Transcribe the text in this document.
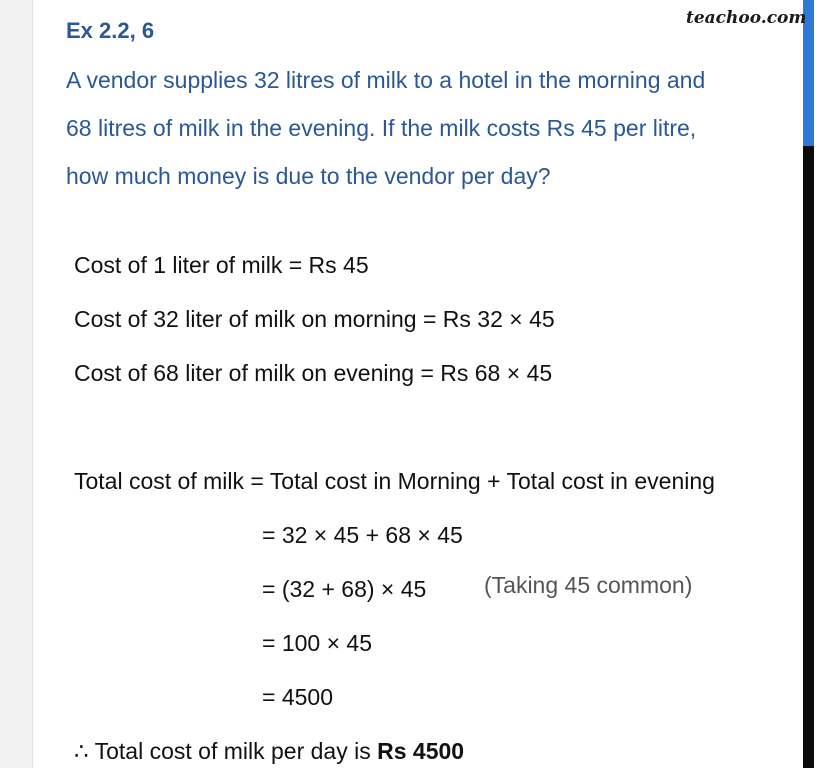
Ex 2.2, 6	teachoo.com
A vendor supplies 32 litres of milk to a hotel in the morning and
68 litres of milk in the evening. If the milk costs Rs 45 per litre,
how much money is due to the vendor per day?
Cost of 1 liter of milk = Rs 45
Cost of 32 liter of milk on morning = Rs 32 × 45
Cost of 68 liter of milk on evening = Rs 68 × 45
Total cost of milk = Total cost in Morning + Total cost in evening
= 32 × 45 + 68 × 45
= (32 + 68) × 45	(Taking 45 common)
= 100 × 45
= 4500
∴ Total cost of milk per day is Rs 4500
